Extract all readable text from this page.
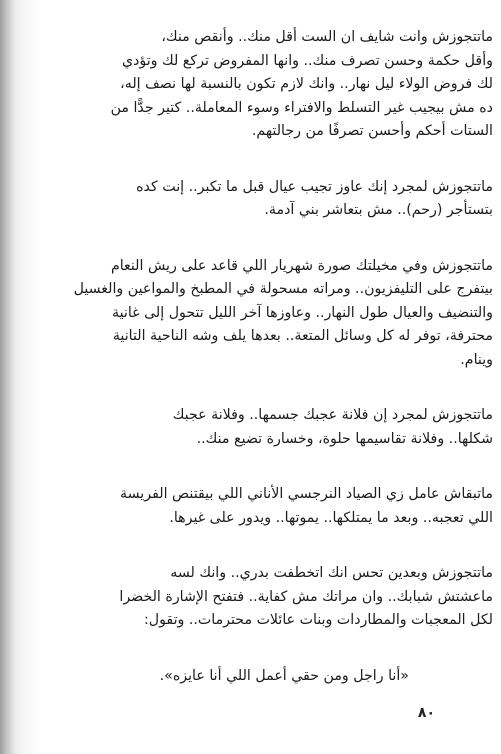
ماتتجوزش وانت شايف ان الست أقل منك.. وأنقص منك،
وأقل حكمة وحسن تصرف منك.. وانها المفروض تركع لك وتؤدي
لك فروض الولاء ليل نهار.. وانك لازم تكون بالنسبة لها نصف إله،
ده مش بيجيب غير التسلط والافتراء وسوء المعاملة.. كتير جدًّا من
الستات أحكم وأحسن تصرفًا من رجالتهم.

ماتتجوزش لمجرد إنك عاوز تجيب عيال قبل ما تكبر.. إنت كده
بتستأجر (رحم).. مش بتعاشر بني آدمة.

ماتتجوزش وفي مخيلتك صورة شهريار اللي قاعد على ريش النعام
بيتفرج على التليفزيون.. ومراته مسحولة في المطبخ والمواعين والغسيل
والتنضيف والعيال طول النهار.. وعاوزها آخر الليل تتحول إلى غانية
محترفة، توفر له كل وسائل المتعة.. بعدها يلف وشه الناحية التانية
وينام.

ماتتجوزش لمجرد إن فلانة عجبك جسمها.. وفلانة عجبك
شكلها.. وفلانة تقاسيمها حلوة، وخسارة تضيع منك..

ماتبقاش عامل زي الصياد النرجسي الأناني اللي بيقتنص الفريسة
اللي تعجبه.. وبعد ما يمتلكها.. يموتها.. ويدور على غيرها.

ماتتجوزش وبعدين تحس انك اتخطفت بدري.. وانك لسه
ماعشتش شبابك.. وان مراتك مش كفاية.. فتفتح الإشارة الخضرا
لكل المعجبات والمطاردات وبنات عائلات محترمات.. وتقول:

«أنا راجل ومن حقي أعمل اللي أنا عايزه».

٨٠
